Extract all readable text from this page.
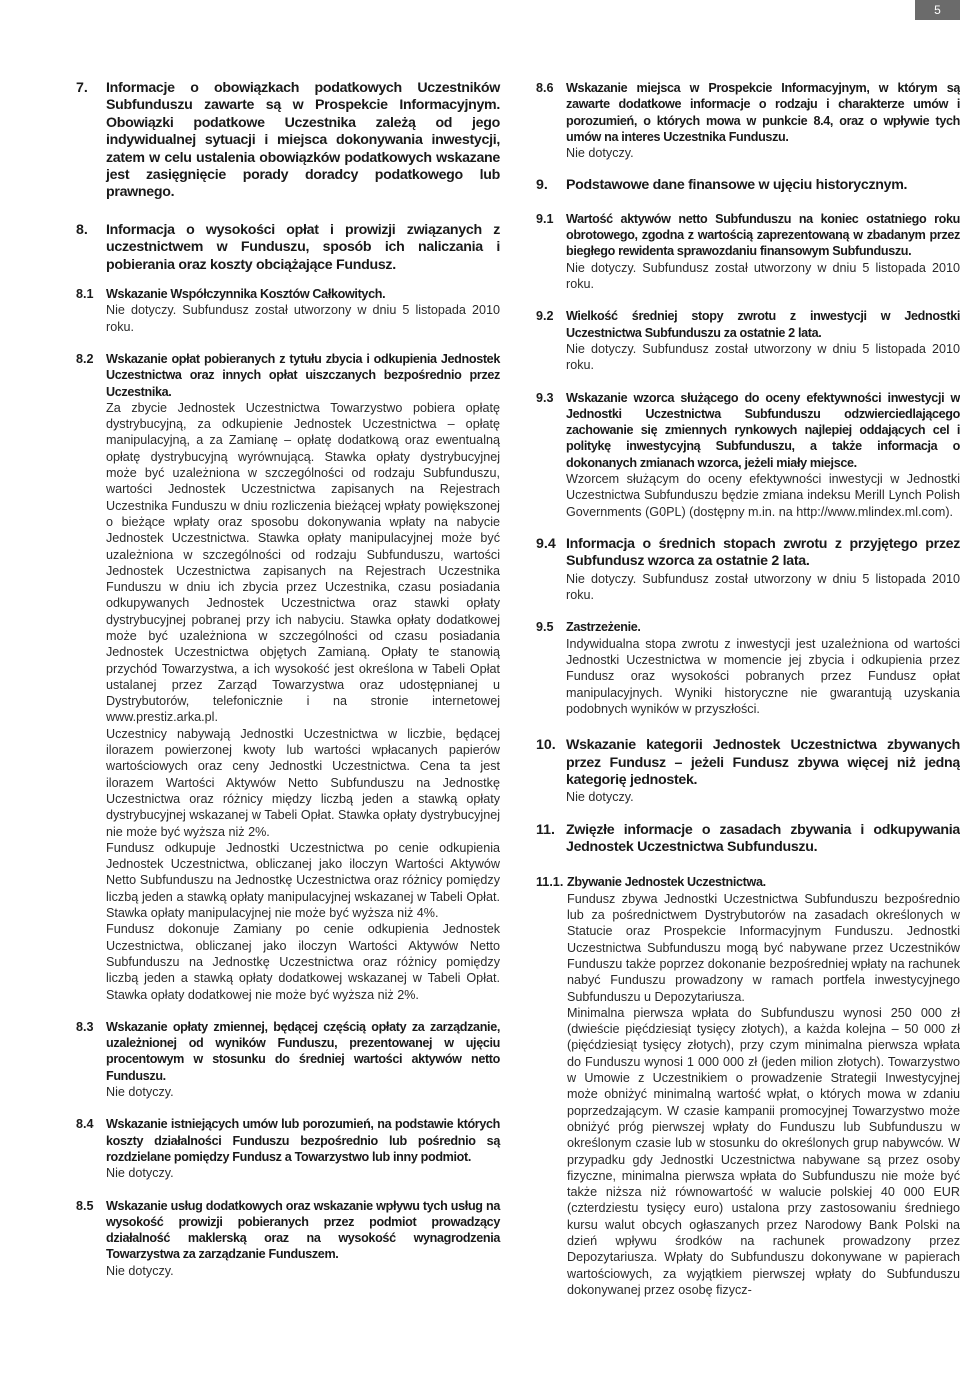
5
7.	Informacje o obowiązkach podatkowych Uczestników Subfunduszu zawarte są w Prospekcie Informacyjnym. Obowiązki podatkowe Uczestnika zależą od jego indywidualnej sytuacji i miejsca dokonywania inwestycji, zatem w celu ustalenia obowiązków podatkowych wskazane jest zasięgnięcie porady doradcy podatkowego lub prawnego.
8.	Informacja o wysokości opłat i prowizji związanych z uczestnictwem w Funduszu, sposób ich naliczania i pobierania oraz koszty obciążające Fundusz.
8.1 Wskazanie Współczynnika Kosztów Całkowitych.

Nie dotyczy. Subfundusz został utworzony w dniu 5 listopada 2010 roku.

8.2 Wskazanie opłat pobieranych z tytułu zbycia i odkupienia Jednostek Uczestnictwa oraz innych opłat uiszczanych bezpośrednio przez Uczestnika.

Za zbycie Jednostek Uczestnictwa Towarzystwo pobiera opłatę dystrybucyjną, za odkupienie Jednostek Uczestnictwa – opłatę manipulacyjną, a za Zamianę – opłatę dodatkową oraz ewentualną opłatę dystrybucyjną wyrównującą. Stawka opłaty dystrybucyjnej może być uzależniona w szczególności od rodzaju Subfunduszu, wartości Jednostek Uczestnictwa zapisanych na Rejestrach Uczestnika Funduszu w dniu rozliczenia bieżącej wpłaty powiększonej o bieżące wpłaty oraz sposobu dokonywania wpłaty na nabycie Jednostek Uczestnictwa. Stawka opłaty manipulacyjnej może być uzależniona w szczególności od rodzaju Subfunduszu, wartości Jednostek Uczestnictwa zapisanych na Rejestrach Uczestnika Funduszu w dniu ich zbycia przez Uczestnika, czasu posiadania odkupywanych Jednostek Uczestnictwa oraz stawki opłaty dystrybucyjnej pobranej przy ich nabyciu. Stawka opłaty dodatkowej może być uzależniona w szczególności od czasu posiadania Jednostek Uczestnictwa objętych Zamianą. Opłaty te stanowią przychód Towarzystwa, a ich wysokość jest określona w Tabeli Opłat ustalanej przez Zarząd Towarzystwa oraz udostępnianej u Dystrybutorów, telefonicznie i na stronie internetowej www.prestiz.arka.pl.

Uczestnicy nabywają Jednostki Uczestnictwa w liczbie, będącej ilorazem powierzonej kwoty lub wartości wpłacanych papierów wartościowych oraz ceny Jednostki Uczestnictwa. Cena ta jest ilorazem Wartości Aktywów Netto Subfunduszu na Jednostkę Uczestnictwa oraz różnicy między liczbą jeden a stawką opłaty dystrybucyjnej wskazanej w Tabeli Opłat. Stawka opłaty dystrybucyjnej nie może być wyższa niż 2%.

Fundusz odkupuje Jednostki Uczestnictwa po cenie odkupienia Jednostek Uczestnictwa, obliczanej jako iloczyn Wartości Aktywów Netto Subfunduszu na Jednostkę Uczestnictwa oraz różnicy pomiędzy liczbą jeden a stawką opłaty manipulacyjnej wskazanej w Tabeli Opłat. Stawka opłaty manipulacyjnej nie może być wyższa niż 4%.

Fundusz dokonuje Zamiany po cenie odkupienia Jednostek Uczestnictwa, obliczanej jako iloczyn Wartości Aktywów Netto Subfunduszu na Jednostkę Uczestnictwa oraz różnicy pomiędzy liczbą jeden a stawką opłaty dodatkowej wskazanej w Tabeli Opłat. Stawka opłaty dodatkowej nie może być wyższa niż 2%.

8.3 Wskazanie opłaty zmiennej, będącej częścią opłaty za zarządzanie, uzależnionej od wyników Funduszu, prezentowanej w ujęciu procentowym w stosunku do średniej wartości aktywów netto Funduszu.

Nie dotyczy.

8.4 Wskazanie istniejących umów lub porozumień, na podstawie których koszty działalności Funduszu bezpośrednio lub pośrednio są rozdzielane pomiędzy Fundusz a Towarzystwo lub inny podmiot.

Nie dotyczy.

8.5 Wskazanie usług dodatkowych oraz wskazanie wpływu tych usług na wysokość prowizji pobieranych przez podmiot prowadzący działalność maklerską oraz na wysokość wynagrodzenia Towarzystwa za zarządzanie Funduszem.

Nie dotyczy.

8.6 Wskazanie miejsca w Prospekcie Informacyjnym, w którym są zawarte dodatkowe informacje o rodzaju i charakterze umów i porozumień, o których mowa w punkcie 8.4, oraz o wpływie tych umów na interes Uczestnika Funduszu.

Nie dotyczy.

9.	Podstawowe dane finansowe w ujęciu historycznym.
9.1 Wartość aktywów netto Subfunduszu na koniec ostatniego roku obrotowego, zgodna z wartością zaprezentowaną w zbadanym przez biegłego rewidenta sprawozdaniu finansowym Subfunduszu.

Nie dotyczy. Subfundusz został utworzony w dniu 5 listopada 2010 roku.

9.2 Wielkość średniej stopy zwrotu z inwestycji w Jednostki Uczestnictwa Subfunduszu za ostatnie 2 lata.

Nie dotyczy. Subfundusz został utworzony w dniu 5 listopada 2010 roku.

9.3 Wskazanie wzorca służącego do oceny efektywności inwestycji w Jednostki Uczestnictwa Subfunduszu odzwierciedlającego zachowanie się zmiennych rynkowych najlepiej oddających cel i politykę inwestycyjną Subfunduszu, a także informacja o dokonanych zmianach wzorca, jeżeli miały miejsce.

Wzorcem służącym do oceny efektywności inwestycji w Jednostki Uczestnictwa Subfunduszu będzie zmiana indeksu Merill Lynch Polish Governments (G0PL) (dostępny m.in. na http://www.mlindex.ml.com).

9.4 Informacja o średnich stopach zwrotu z przyjętego przez Subfundusz wzorca za ostatnie 2 lata.

Nie dotyczy. Subfundusz został utworzony w dniu 5 listopada 2010 roku.

9.5 Zastrzeżenie.

Indywidualna stopa zwrotu z inwestycji jest uzależniona od wartości Jednostki Uczestnictwa w momencie jej zbycia i odkupienia przez Fundusz oraz wysokości pobranych przez Fundusz opłat manipulacyjnych. Wyniki historyczne nie gwarantują uzyskania podobnych wyników w przyszłości.

10. Wskazanie kategorii Jednostek Uczestnictwa zbywanych przez Fundusz – jeżeli Fundusz zbywa więcej niż jedną kategorię jednostek.

Nie dotyczy.

11. Zwięzłe informacje o zasadach zbywania i odkupywania Jednostek Uczestnictwa Subfunduszu.
11.1. Zbywanie Jednostek Uczestnictwa.

Fundusz zbywa Jednostki Uczestnictwa Subfunduszu bezpośrednio lub za pośrednictwem Dystrybutorów na zasadach określonych w Statucie oraz Prospekcie Informacyjnym Funduszu. Jednostki Uczestnictwa Subfunduszu mogą być nabywane przez Uczestników Funduszu także poprzez dokonanie bezpośredniej wpłaty na rachunek nabyć Funduszu prowadzony w ramach portfela inwestycyjnego Subfunduszu u Depozytariusza.

Minimalna pierwsza wpłata do Subfunduszu wynosi 250 000 zł (dwieście pięćdziesiąt tysięcy złotych), a każda kolejna – 50 000 zł (pięćdziesiąt tysięcy złotych), przy czym minimalna pierwsza wpłata do Funduszu wynosi 1 000 000 zł (jeden milion złotych). Towarzystwo w Umowie z Uczestnikiem o prowadzenie Strategii Inwestycyjnej może obniżyć minimalną wartość wpłat, o których mowa w zdaniu poprzedzającym. W czasie kampanii promocyjnej Towarzystwo może obniżyć próg pierwszej wpłaty do Funduszu lub Subfunduszu w określonym czasie lub w stosunku do określonych grup nabywców. W przypadku gdy Jednostki Uczestnictwa nabywane są przez osoby fizyczne, minimalna pierwsza wpłata do Subfunduszu nie może być także niższa niż równowartość w walucie polskiej 40 000 EUR (czterdziestu tysięcy euro) ustalona przy zastosowaniu średniego kursu walut obcych ogłaszanych przez Narodowy Bank Polski na dzień wpływu środków na rachunek prowadzony przez Depozytariusza. Wpłaty do Subfunduszu dokonywane w papierach wartościowych, za wyjątkiem pierwszej wpłaty do Subfunduszu dokonywanej przez osobę fizycz-
